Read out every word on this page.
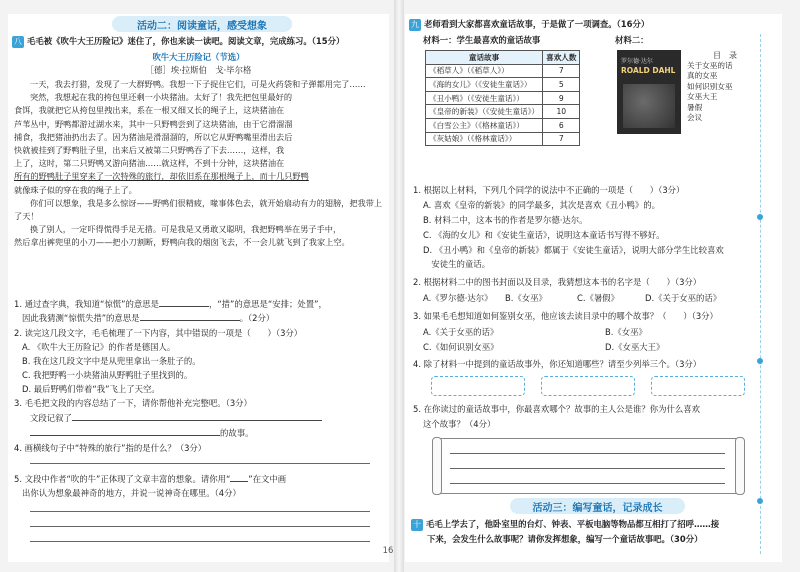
活动二：阅读童话，感受想象
八 毛毛被《吹牛大王历险记》迷住了，你也来读一读吧。阅读文章，完成练习。（15分）
吹牛大王历险记（节选）
［德］埃·拉斯伯　戈·毕尔格
一天，我去打猎，发现了一大群野鸭。我想一下子捉住它们，可是火药袋和子弹都用完了……
突然，我想起在我的挎包里还剩一小块猪油。太好了！我先把包里最好的
食饵，我就把它从挎包里拽出来，系在一根又细又长的绳子上，这块猪油在
芦苇丛中，野鸭都游过湖水来，其中一只野鸭尝到了这块猪油，由于它滑溜溜
捕食，我把猪油扔出去了。因为猪油是滑溜溜的，所以它从野鸭嘴里滑出去后
快就被挂到了野鸭肚子里，出来后又被第二只野鸭吞了下去……，这样，我
上了，这时，第二只野鸭又游向猪油……就这样，不到十分钟，这块猪油在
所有的野鸭肚子里穿来了一次特殊的旅行，却依旧系在那根绳子上，而十几只野鸭
就像珠子似的穿在我的绳子上了。
你们可以想象，我是多么惊讶——野鸭们很精疲，喙事体色去，就开始扇动有力的翅膀，把我带上了天！
换了别人，一定吓得慌得手足无措。可是我是又勇敢又聪明，我把野鸭举在男子手中，
然后拿出裤兜里的小刀——把小刀割断，野鸭向我的烟囱飞去，不一会儿就飞到了我家上空。
1. 通过查字典，我知道“惊慌”的意思是	，“措”的意思是“安排；处置”，
因此我猜测“惊慌失措”的意思是	。（2分）
2. 读完这几段文字，毛毛梳理了一下内容，其中错误的一项是（　　）（3分）
A. 《吹牛大王历险记》的作者是德国人。
B. 我在这几段文字中是从兜里拿出一条肚子的。
C. 我把野鸭一小块猪油从野鸭肚子里找到的。
D. 最后野鸭们带着“我”飞上了天空。
3. 毛毛把文段的内容总结了一下，请你帮他补充完整吧。（3分）
文段记叙了
的故事。
4. 画横线句子中“特殊的旅行”指的是什么？（3分）
5. 文段中作者“吹的牛”正体现了文章丰富的想象。请你用“ ”在文中画
出你认为想象最神奇的地方，并说一说神奇在哪里。（4分）
16
九 老师看到大家都喜欢童话故事，于是做了一项调查。（16分）
材料一：学生最喜欢的童话故事	材料二：
童话故事	喜欢人数
《稻草人》（《稻草人》）	7
《海的女儿》（《安徒生童话》）	5
《丑小鸭》（《安徒生童话》）	9
《皇帝的新装》（《安徒生童话》）	10
《白雪公主》（《格林童话》）	6
《灰姑娘》（《格林童话》）	7
罗尔德·达尔
ROALD DAHL
目　录
关于女巫的话
真的女巫
如何识别女巫
女巫大王
暑假
会议
1. 根据以上材料，下列几个同学的说法中不正确的一项是（　　）（3分）
A. 喜欢《皇帝的新装》的同学最多，其次是喜欢《丑小鸭》的。
B. 材料二中，这本书的作者是罗尔德·达尔。
C. 《海的女儿》和《安徒生童话》，说明这本童话书写得不够好。
D. 《丑小鸭》和《皇帝的新装》都属于《安徒生童话》，说明大部分学生比较喜欢
　安徒生的童话。
2. 根据材料二中的图书封面以及目录，我猜想这本书的名字是（　　）（3分）
A.《罗尔德·达尔》 B.《女巫》	C.《暑假》	D.《关于女巫的话》
3. 如果毛毛想知道如何鉴别女巫，他应该去读目录中的哪个故事？（　　）（3分）
A.《关于女巫的话》	B.《女巫》
C.《如何识别女巫》	D.《女巫大王》
4. 除了材料一中提到的童话故事外，你还知道哪些？请至少列举三个。（3分）
5. 在你读过的童话故事中，你最喜欢哪个？故事的主人公是谁？你为什么喜欢
这个故事？（4分）
活动三：编写童话，记录成长
十 毛毛上学去了，他卧室里的台灯、钟表、平板电脑等物品都互相打了招呼……接
下来，会发生什么故事呢？请你发挥想象，编写一个童话故事吧。（30分）
